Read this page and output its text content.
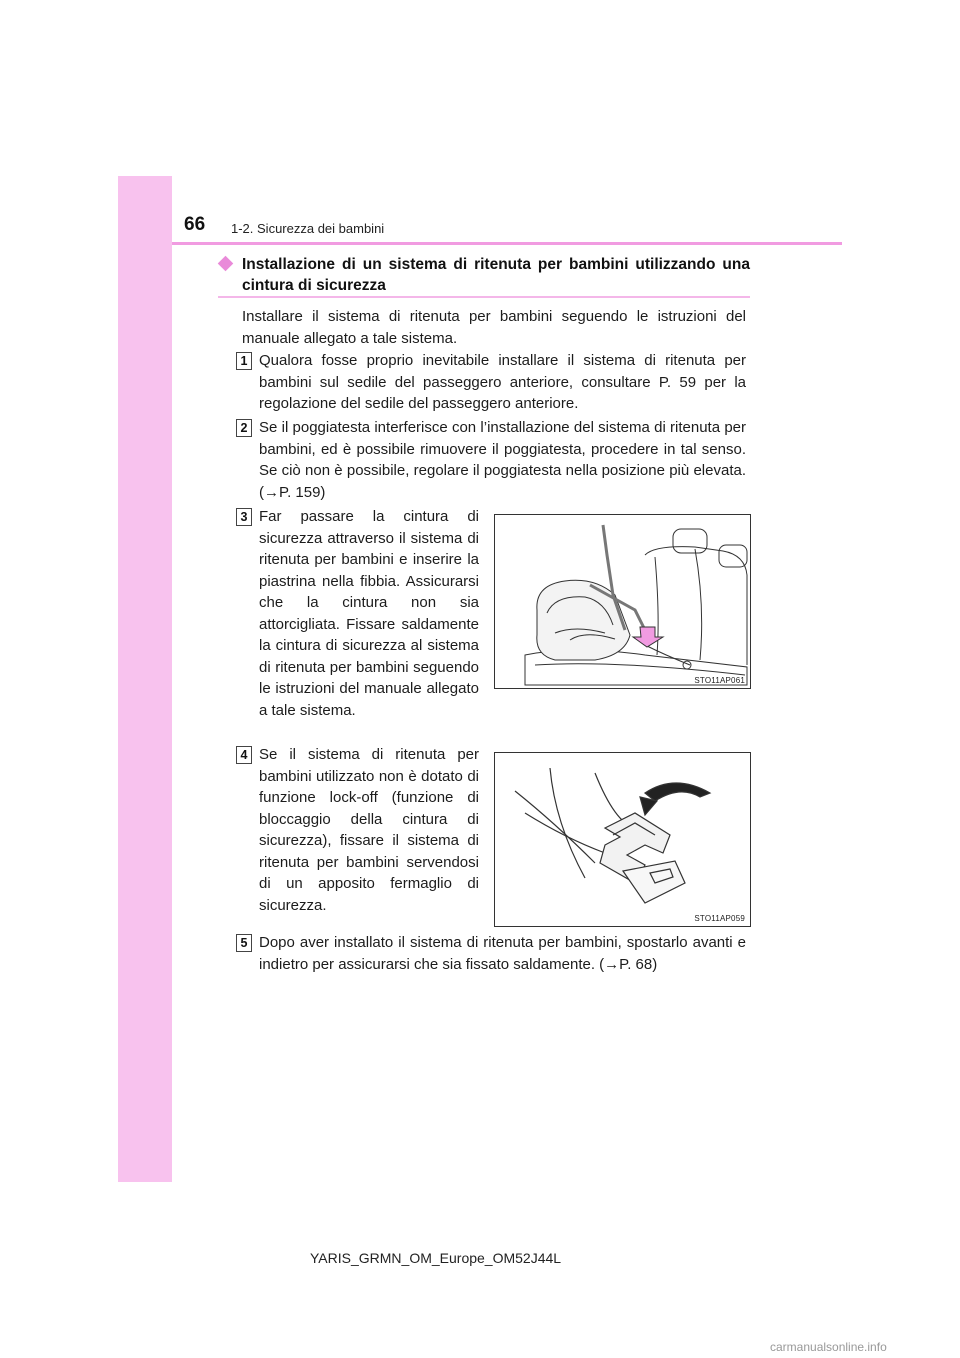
66 1-2. Sicurezza dei bambini
Installazione di un sistema di ritenuta per bambini utilizzando una cintura di sicurezza
Installare il sistema di ritenuta per bambini seguendo le istruzioni del manuale allegato a tale sistema.
1 Qualora fosse proprio inevitabile installare il sistema di ritenuta per bambini sul sedile del passeggero anteriore, consultare P. 59 per la regolazione del sedile del passeggero anteriore.
2 Se il poggiatesta interferisce con l’installazione del sistema di ritenuta per bambini, ed è possibile rimuovere il poggiatesta, procedere in tal senso. Se ciò non è possibile, regolare il poggiatesta nella posizione più elevata. (→P. 159)
3 Far passare la cintura di sicurezza attraverso il sistema di ritenuta per bambini e inserire la piastrina nella fibbia. Assicurarsi che la cintura non sia attorcigliata. Fissare saldamente la cintura di sicurezza al sistema di ritenuta per bambini seguendo le istruzioni del manuale allegato a tale sistema.
STO11AP061
4 Se il sistema di ritenuta per bambini utilizzato non è dotato di funzione lock-off (funzione di bloccaggio della cintura di sicurezza), fissare il sistema di ritenuta per bambini servendosi di un apposito fermaglio di sicurezza.
STO11AP059
5 Dopo aver installato il sistema di ritenuta per bambini, spostarlo avanti e indietro per assicurarsi che sia fissato saldamente. (→P. 68)
YARIS_GRMN_OM_Europe_OM52J44L
carmanualsonline.info
